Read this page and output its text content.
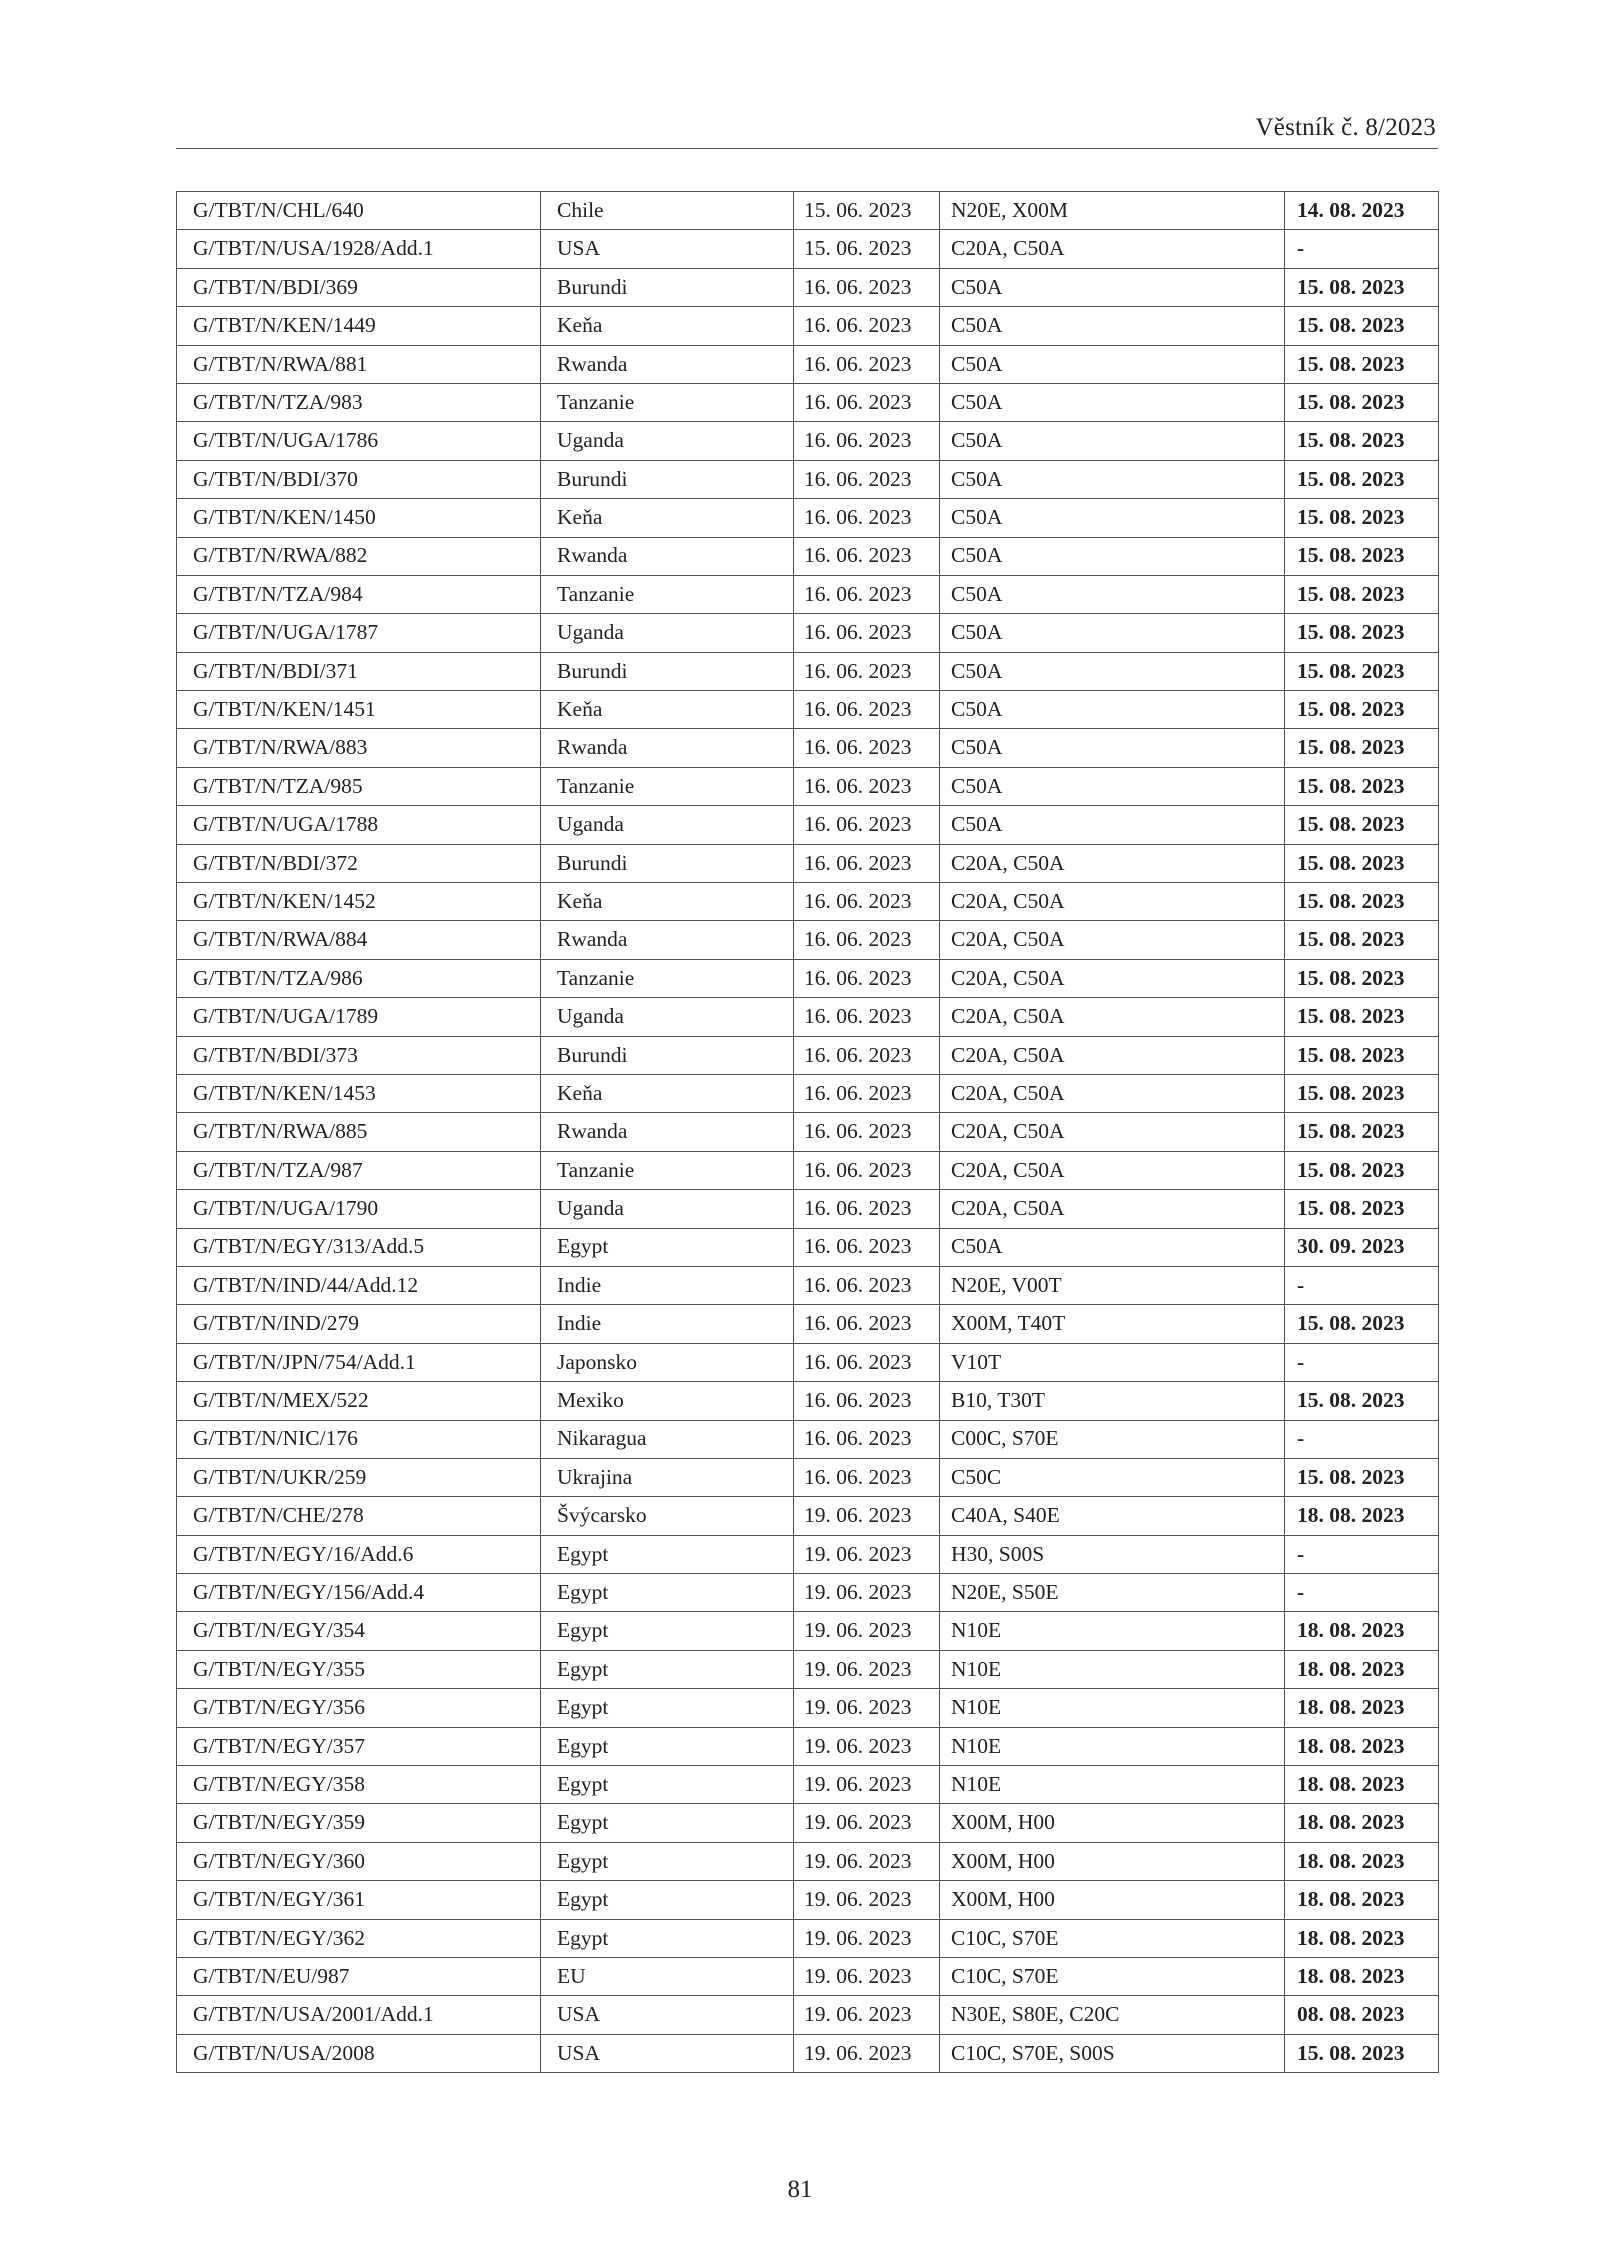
Věstník č. 8/2023
G/TBT/N/CHL/640	Chile	15. 06. 2023	N20E, X00M	14. 08. 2023
G/TBT/N/USA/1928/Add.1	USA	15. 06. 2023	C20A, C50A	-
G/TBT/N/BDI/369	Burundi	16. 06. 2023	C50A	15. 08. 2023
G/TBT/N/KEN/1449	Keňa	16. 06. 2023	C50A	15. 08. 2023
G/TBT/N/RWA/881	Rwanda	16. 06. 2023	C50A	15. 08. 2023
G/TBT/N/TZA/983	Tanzanie	16. 06. 2023	C50A	15. 08. 2023
G/TBT/N/UGA/1786	Uganda	16. 06. 2023	C50A	15. 08. 2023
G/TBT/N/BDI/370	Burundi	16. 06. 2023	C50A	15. 08. 2023
G/TBT/N/KEN/1450	Keňa	16. 06. 2023	C50A	15. 08. 2023
G/TBT/N/RWA/882	Rwanda	16. 06. 2023	C50A	15. 08. 2023
G/TBT/N/TZA/984	Tanzanie	16. 06. 2023	C50A	15. 08. 2023
G/TBT/N/UGA/1787	Uganda	16. 06. 2023	C50A	15. 08. 2023
G/TBT/N/BDI/371	Burundi	16. 06. 2023	C50A	15. 08. 2023
G/TBT/N/KEN/1451	Keňa	16. 06. 2023	C50A	15. 08. 2023
G/TBT/N/RWA/883	Rwanda	16. 06. 2023	C50A	15. 08. 2023
G/TBT/N/TZA/985	Tanzanie	16. 06. 2023	C50A	15. 08. 2023
G/TBT/N/UGA/1788	Uganda	16. 06. 2023	C50A	15. 08. 2023
G/TBT/N/BDI/372	Burundi	16. 06. 2023	C20A, C50A	15. 08. 2023
G/TBT/N/KEN/1452	Keňa	16. 06. 2023	C20A, C50A	15. 08. 2023
G/TBT/N/RWA/884	Rwanda	16. 06. 2023	C20A, C50A	15. 08. 2023
G/TBT/N/TZA/986	Tanzanie	16. 06. 2023	C20A, C50A	15. 08. 2023
G/TBT/N/UGA/1789	Uganda	16. 06. 2023	C20A, C50A	15. 08. 2023
G/TBT/N/BDI/373	Burundi	16. 06. 2023	C20A, C50A	15. 08. 2023
G/TBT/N/KEN/1453	Keňa	16. 06. 2023	C20A, C50A	15. 08. 2023
G/TBT/N/RWA/885	Rwanda	16. 06. 2023	C20A, C50A	15. 08. 2023
G/TBT/N/TZA/987	Tanzanie	16. 06. 2023	C20A, C50A	15. 08. 2023
G/TBT/N/UGA/1790	Uganda	16. 06. 2023	C20A, C50A	15. 08. 2023
G/TBT/N/EGY/313/Add.5	Egypt	16. 06. 2023	C50A	30. 09. 2023
G/TBT/N/IND/44/Add.12	Indie	16. 06. 2023	N20E, V00T	-
G/TBT/N/IND/279	Indie	16. 06. 2023	X00M, T40T	15. 08. 2023
G/TBT/N/JPN/754/Add.1	Japonsko	16. 06. 2023	V10T	-
G/TBT/N/MEX/522	Mexiko	16. 06. 2023	B10, T30T	15. 08. 2023
G/TBT/N/NIC/176	Nikaragua	16. 06. 2023	C00C, S70E	-
G/TBT/N/UKR/259	Ukrajina	16. 06. 2023	C50C	15. 08. 2023
G/TBT/N/CHE/278	Švýcarsko	19. 06. 2023	C40A, S40E	18. 08. 2023
G/TBT/N/EGY/16/Add.6	Egypt	19. 06. 2023	H30, S00S	-
G/TBT/N/EGY/156/Add.4	Egypt	19. 06. 2023	N20E, S50E	-
G/TBT/N/EGY/354	Egypt	19. 06. 2023	N10E	18. 08. 2023
G/TBT/N/EGY/355	Egypt	19. 06. 2023	N10E	18. 08. 2023
G/TBT/N/EGY/356	Egypt	19. 06. 2023	N10E	18. 08. 2023
G/TBT/N/EGY/357	Egypt	19. 06. 2023	N10E	18. 08. 2023
G/TBT/N/EGY/358	Egypt	19. 06. 2023	N10E	18. 08. 2023
G/TBT/N/EGY/359	Egypt	19. 06. 2023	X00M, H00	18. 08. 2023
G/TBT/N/EGY/360	Egypt	19. 06. 2023	X00M, H00	18. 08. 2023
G/TBT/N/EGY/361	Egypt	19. 06. 2023	X00M, H00	18. 08. 2023
G/TBT/N/EGY/362	Egypt	19. 06. 2023	C10C, S70E	18. 08. 2023
G/TBT/N/EU/987	EU	19. 06. 2023	C10C, S70E	18. 08. 2023
G/TBT/N/USA/2001/Add.1	USA	19. 06. 2023	N30E, S80E, C20C	08. 08. 2023
G/TBT/N/USA/2008	USA	19. 06. 2023	C10C, S70E, S00S	15. 08. 2023
81
